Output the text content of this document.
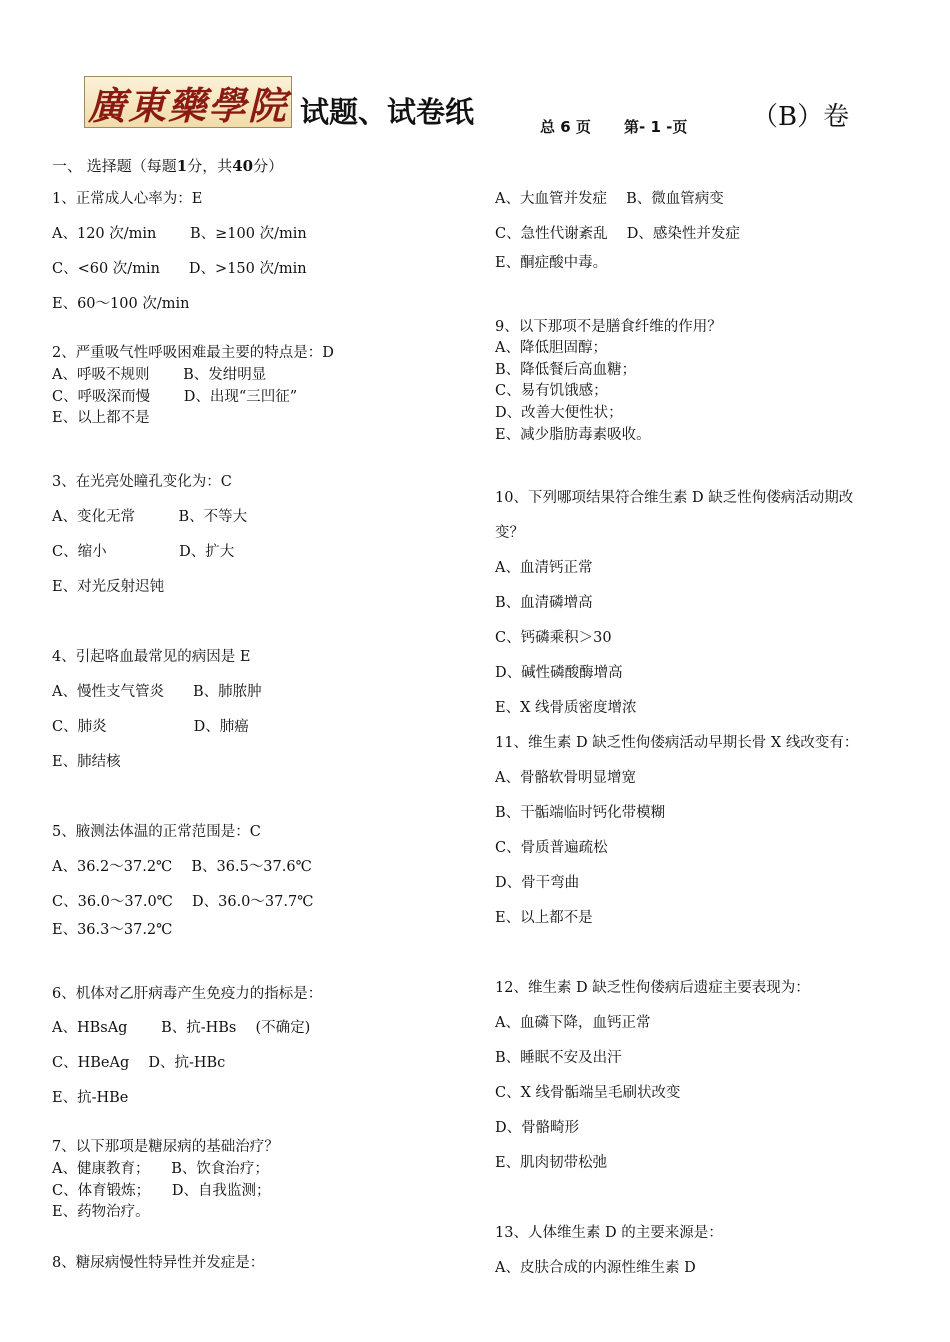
廣東藥學院 试题、试卷纸	总 6 页 第- 1 -页 （B）卷
一、 选择题（每题1分，共40分）
1、正常成人心率为：E
A、120 次/min　　 B、≥100 次/min
C、<60 次/min　　D、>150 次/min
E、60～100 次/min
2、严重吸气性呼吸困难最主要的特点是：D
A、呼吸不规则　　 B、发绀明显
C、呼吸深而慢　　 D、出现“三凹征”
E、以上都不是
3、在光亮处瞳孔变化为：C
A、变化无常　　　B、不等大
C、缩小　　　　　D、扩大
E、对光反射迟钝
4、引起咯血最常见的病因是 E
A、慢性支气管炎　　B、肺脓肿
C、肺炎　　　　　　D、肺癌
E、肺结核
5、腋测法体温的正常范围是：C
A、36.2～37.2℃　 B、36.5～37.6℃
C、36.0～37.0℃　 D、36.0～37.7℃
E、36.3～37.2℃
6、机体对乙肝病毒产生免疫力的指标是：
A、HBsAg　　 B、抗-HBs　 (不确定)
C、HBeAg　 D、抗-HBc
E、抗-HBe
7、以下那项是糖尿病的基础治疗？
A、健康教育；　　B、饮食治疗；
C、体育锻炼；　　D、自我监测；
E、药物治疗。
8、糖尿病慢性特异性并发症是：
A、大血管并发症　 B、微血管病变
C、急性代谢紊乱　 D、感染性并发症
E、酮症酸中毒。
9、以下那项不是膳食纤维的作用？
A、降低胆固醇；
B、降低餐后高血糖；
C、易有饥饿感；
D、改善大便性状；
E、减少脂肪毒素吸收。
10、下列哪项结果符合维生素 D 缺乏性佝偻病活动期改
变？
A、血清钙正常
B、血清磷增高
C、钙磷乘积＞30
D、碱性磷酸酶增高
E、X 线骨质密度增浓
11、维生素 D 缺乏性佝偻病活动早期长骨 X 线改变有：
A、骨骼软骨明显增宽
B、干骺端临时钙化带模糊
C、骨质普遍疏松
D、骨干弯曲
E、以上都不是
12、维生素 D 缺乏性佝偻病后遗症主要表现为：
A、血磷下降，血钙正常
B、睡眠不安及出汗
C、X 线骨骺端呈毛刷状改变
D、骨骼畸形
E、肌肉韧带松弛
13、人体维生素 D 的主要来源是：
A、皮肤合成的内源性维生素 D
